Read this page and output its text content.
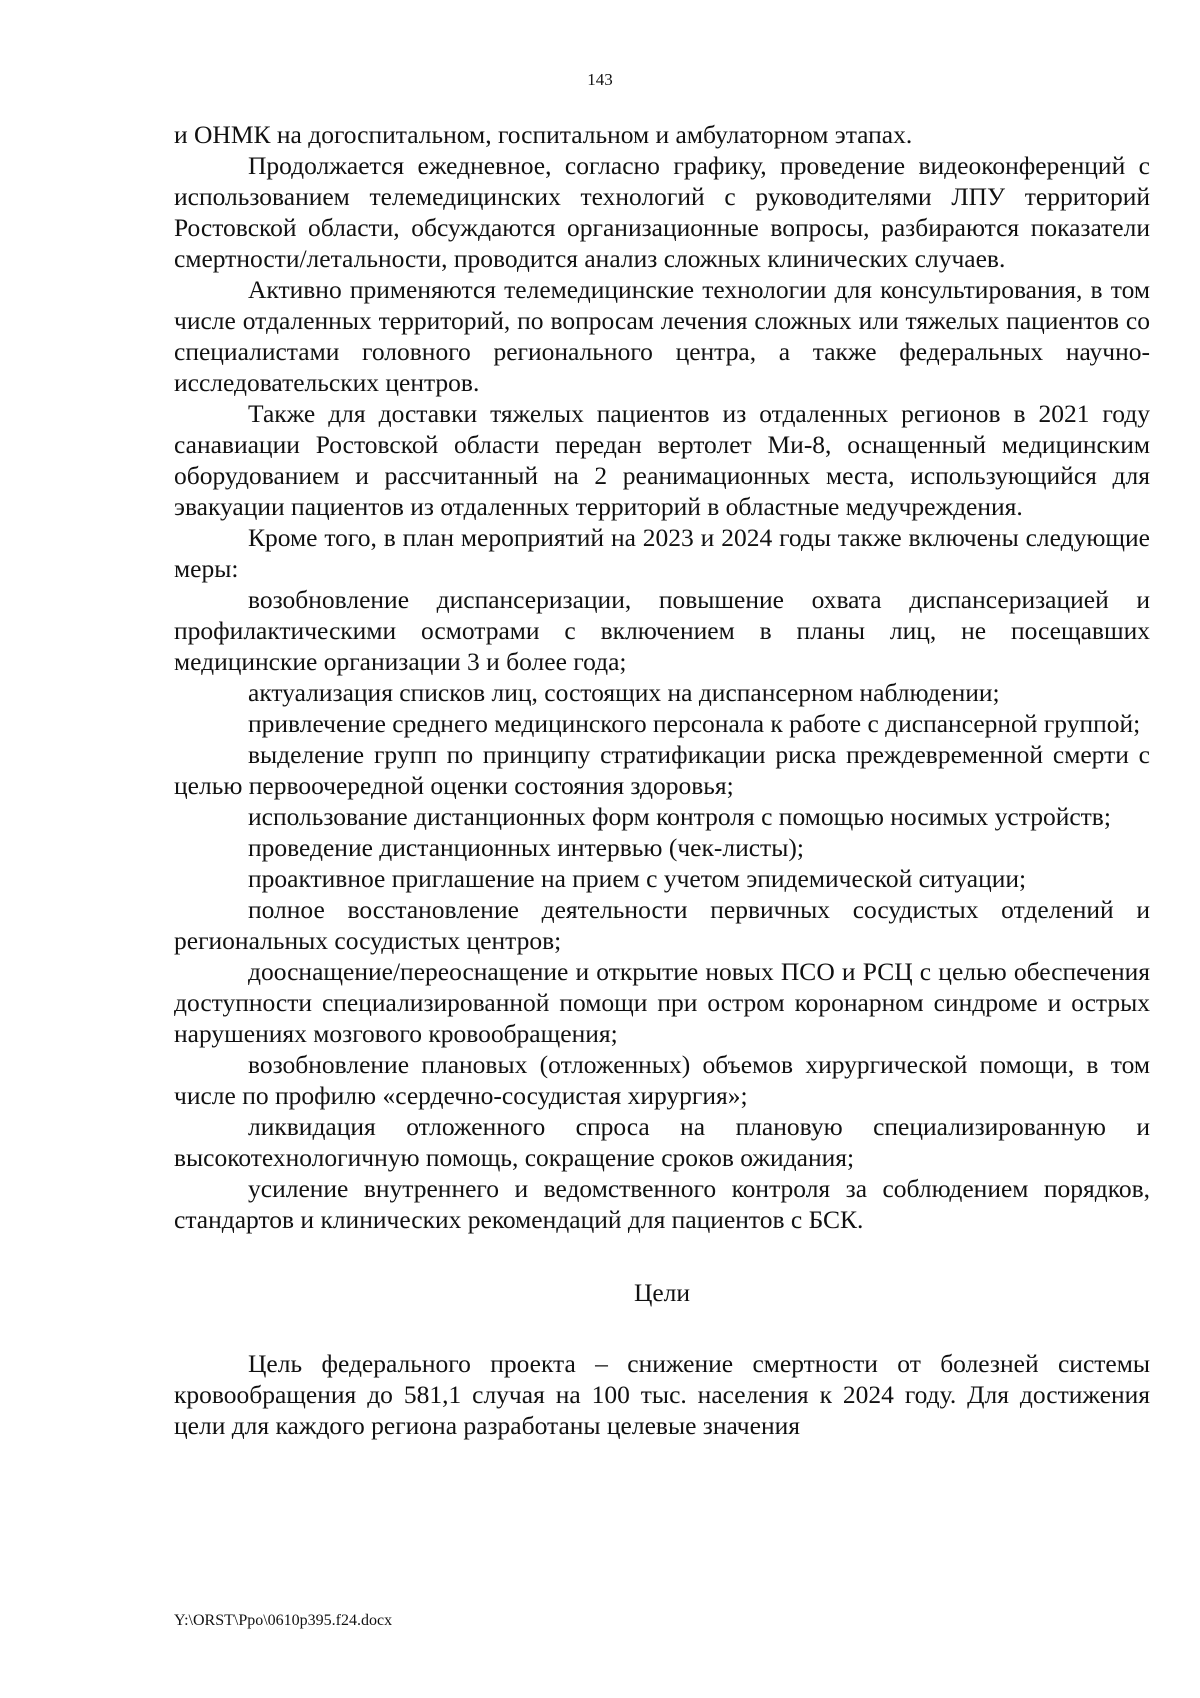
143

и ОНМК на догоспитальном, госпитальном и амбулаторном этапах.

Продолжается ежедневное, согласно графику, проведение видеоконференций с использованием телемедицинских технологий с руководителями ЛПУ территорий Ростовской области, обсуждаются организационные вопросы, разбираются показатели смертности/летальности, проводится анализ сложных клинических случаев.

Активно применяются телемедицинские технологии для консультирования, в том числе отдаленных территорий, по вопросам лечения сложных или тяжелых пациентов со специалистами головного регионального центра, а также федеральных научно-исследовательских центров.

Также для доставки тяжелых пациентов из отдаленных регионов в 2021 году санавиации Ростовской области передан вертолет Ми-8, оснащенный медицинским оборудованием и рассчитанный на 2 реанимационных места, использующийся для эвакуации пациентов из отдаленных территорий в областные медучреждения.

Кроме того, в план мероприятий на 2023 и 2024 годы также включены следующие меры:

возобновление диспансеризации, повышение охвата диспансеризацией и профилактическими осмотрами с включением в планы лиц, не посещавших медицинские организации 3 и более года;

актуализация списков лиц, состоящих на диспансерном наблюдении;

привлечение среднего медицинского персонала к работе с диспансерной группой;

выделение групп по принципу стратификации риска преждевременной смерти с целью первоочередной оценки состояния здоровья;

использование дистанционных форм контроля с помощью носимых устройств;

проведение дистанционных интервью (чек-листы);

проактивное приглашение на прием с учетом эпидемической ситуации;

полное восстановление деятельности первичных сосудистых отделений и региональных сосудистых центров;

дооснащение/переоснащение и открытие новых ПСО и РСЦ с целью обеспечения доступности специализированной помощи при остром коронарном синдроме и острых нарушениях мозгового кровообращения;

возобновление плановых (отложенных) объемов хирургической помощи, в том числе по профилю «сердечно-сосудистая хирургия»;

ликвидация отложенного спроса на плановую специализированную и высокотехнологичную помощь, сокращение сроков ожидания;

усиление внутреннего и ведомственного контроля за соблюдением порядков, стандартов и клинических рекомендаций для пациентов с БСК.

Цели

Цель федерального проекта – снижение смертности от болезней системы кровообращения до 581,1 случая на 100 тыс. населения к 2024 году. Для достижения цели для каждого региона разработаны целевые значения

Y:\ORST\Ppo\0610p395.f24.docx
